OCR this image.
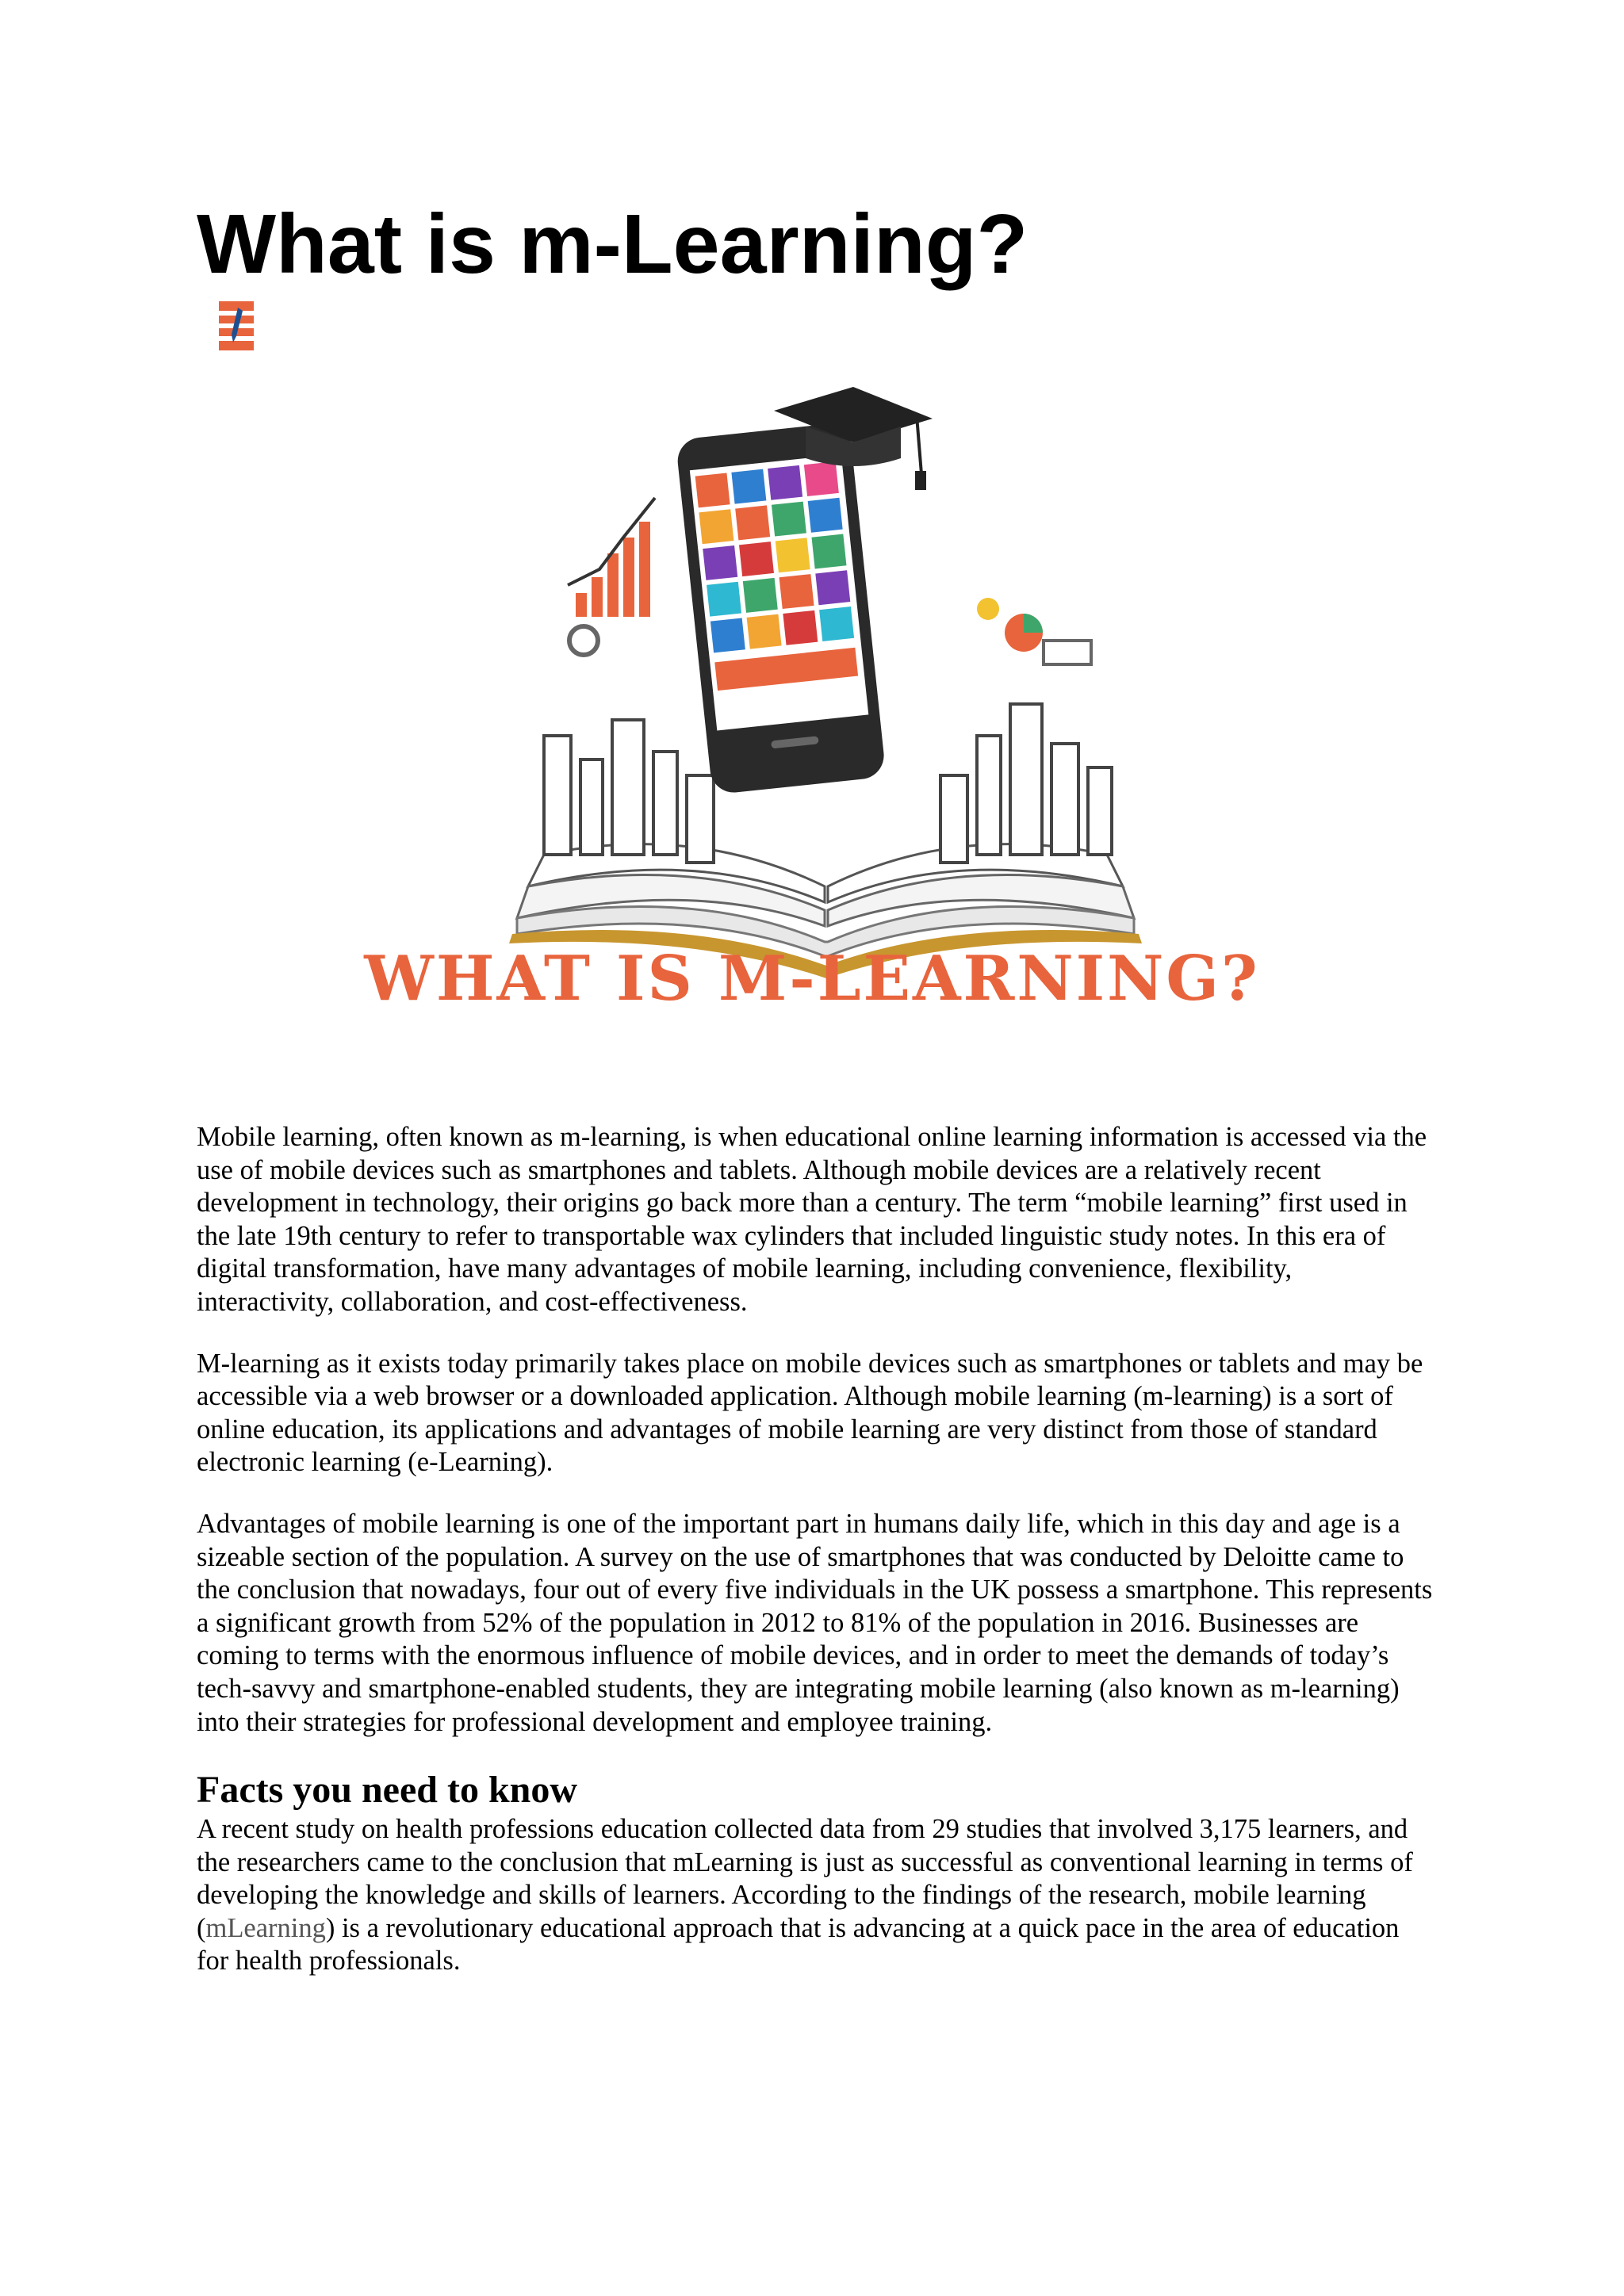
What is m-Learning?
WHAT IS M-LEARNING?

Mobile learning, often known as m-learning, is when educational online learning information is accessed via the use of mobile devices such as smartphones and tablets. Although mobile devices are a relatively recent development in technology, their origins go back more than a century. The term “mobile learning” first used in the late 19th century to refer to transportable wax cylinders that included linguistic study notes. In this era of digital transformation, have many advantages of mobile learning, including convenience, flexibility, interactivity, collaboration, and cost-effectiveness.

M-learning as it exists today primarily takes place on mobile devices such as smartphones or tablets and may be accessible via a web browser or a downloaded application. Although mobile learning (m-learning) is a sort of online education, its applications and advantages of mobile learning are very distinct from those of standard electronic learning (e-Learning).

Advantages of mobile learning is one of the important part in humans daily life, which in this day and age is a sizeable section of the population. A survey on the use of smartphones that was conducted by Deloitte came to the conclusion that nowadays, four out of every five individuals in the UK possess a smartphone. This represents a significant growth from 52% of the population in 2012 to 81% of the population in 2016. Businesses are coming to terms with the enormous influence of mobile devices, and in order to meet the demands of today’s tech-savvy and smartphone-enabled students, they are integrating mobile learning (also known as m-learning) into their strategies for professional development and employee training.

Facts you need to know

A recent study on health professions education collected data from 29 studies that involved 3,175 learners, and the researchers came to the conclusion that mLearning is just as successful as conventional learning in terms of developing the knowledge and skills of learners. According to the findings of the research, mobile learning (mLearning) is a revolutionary educational approach that is advancing at a quick pace in the area of education for health professionals.
